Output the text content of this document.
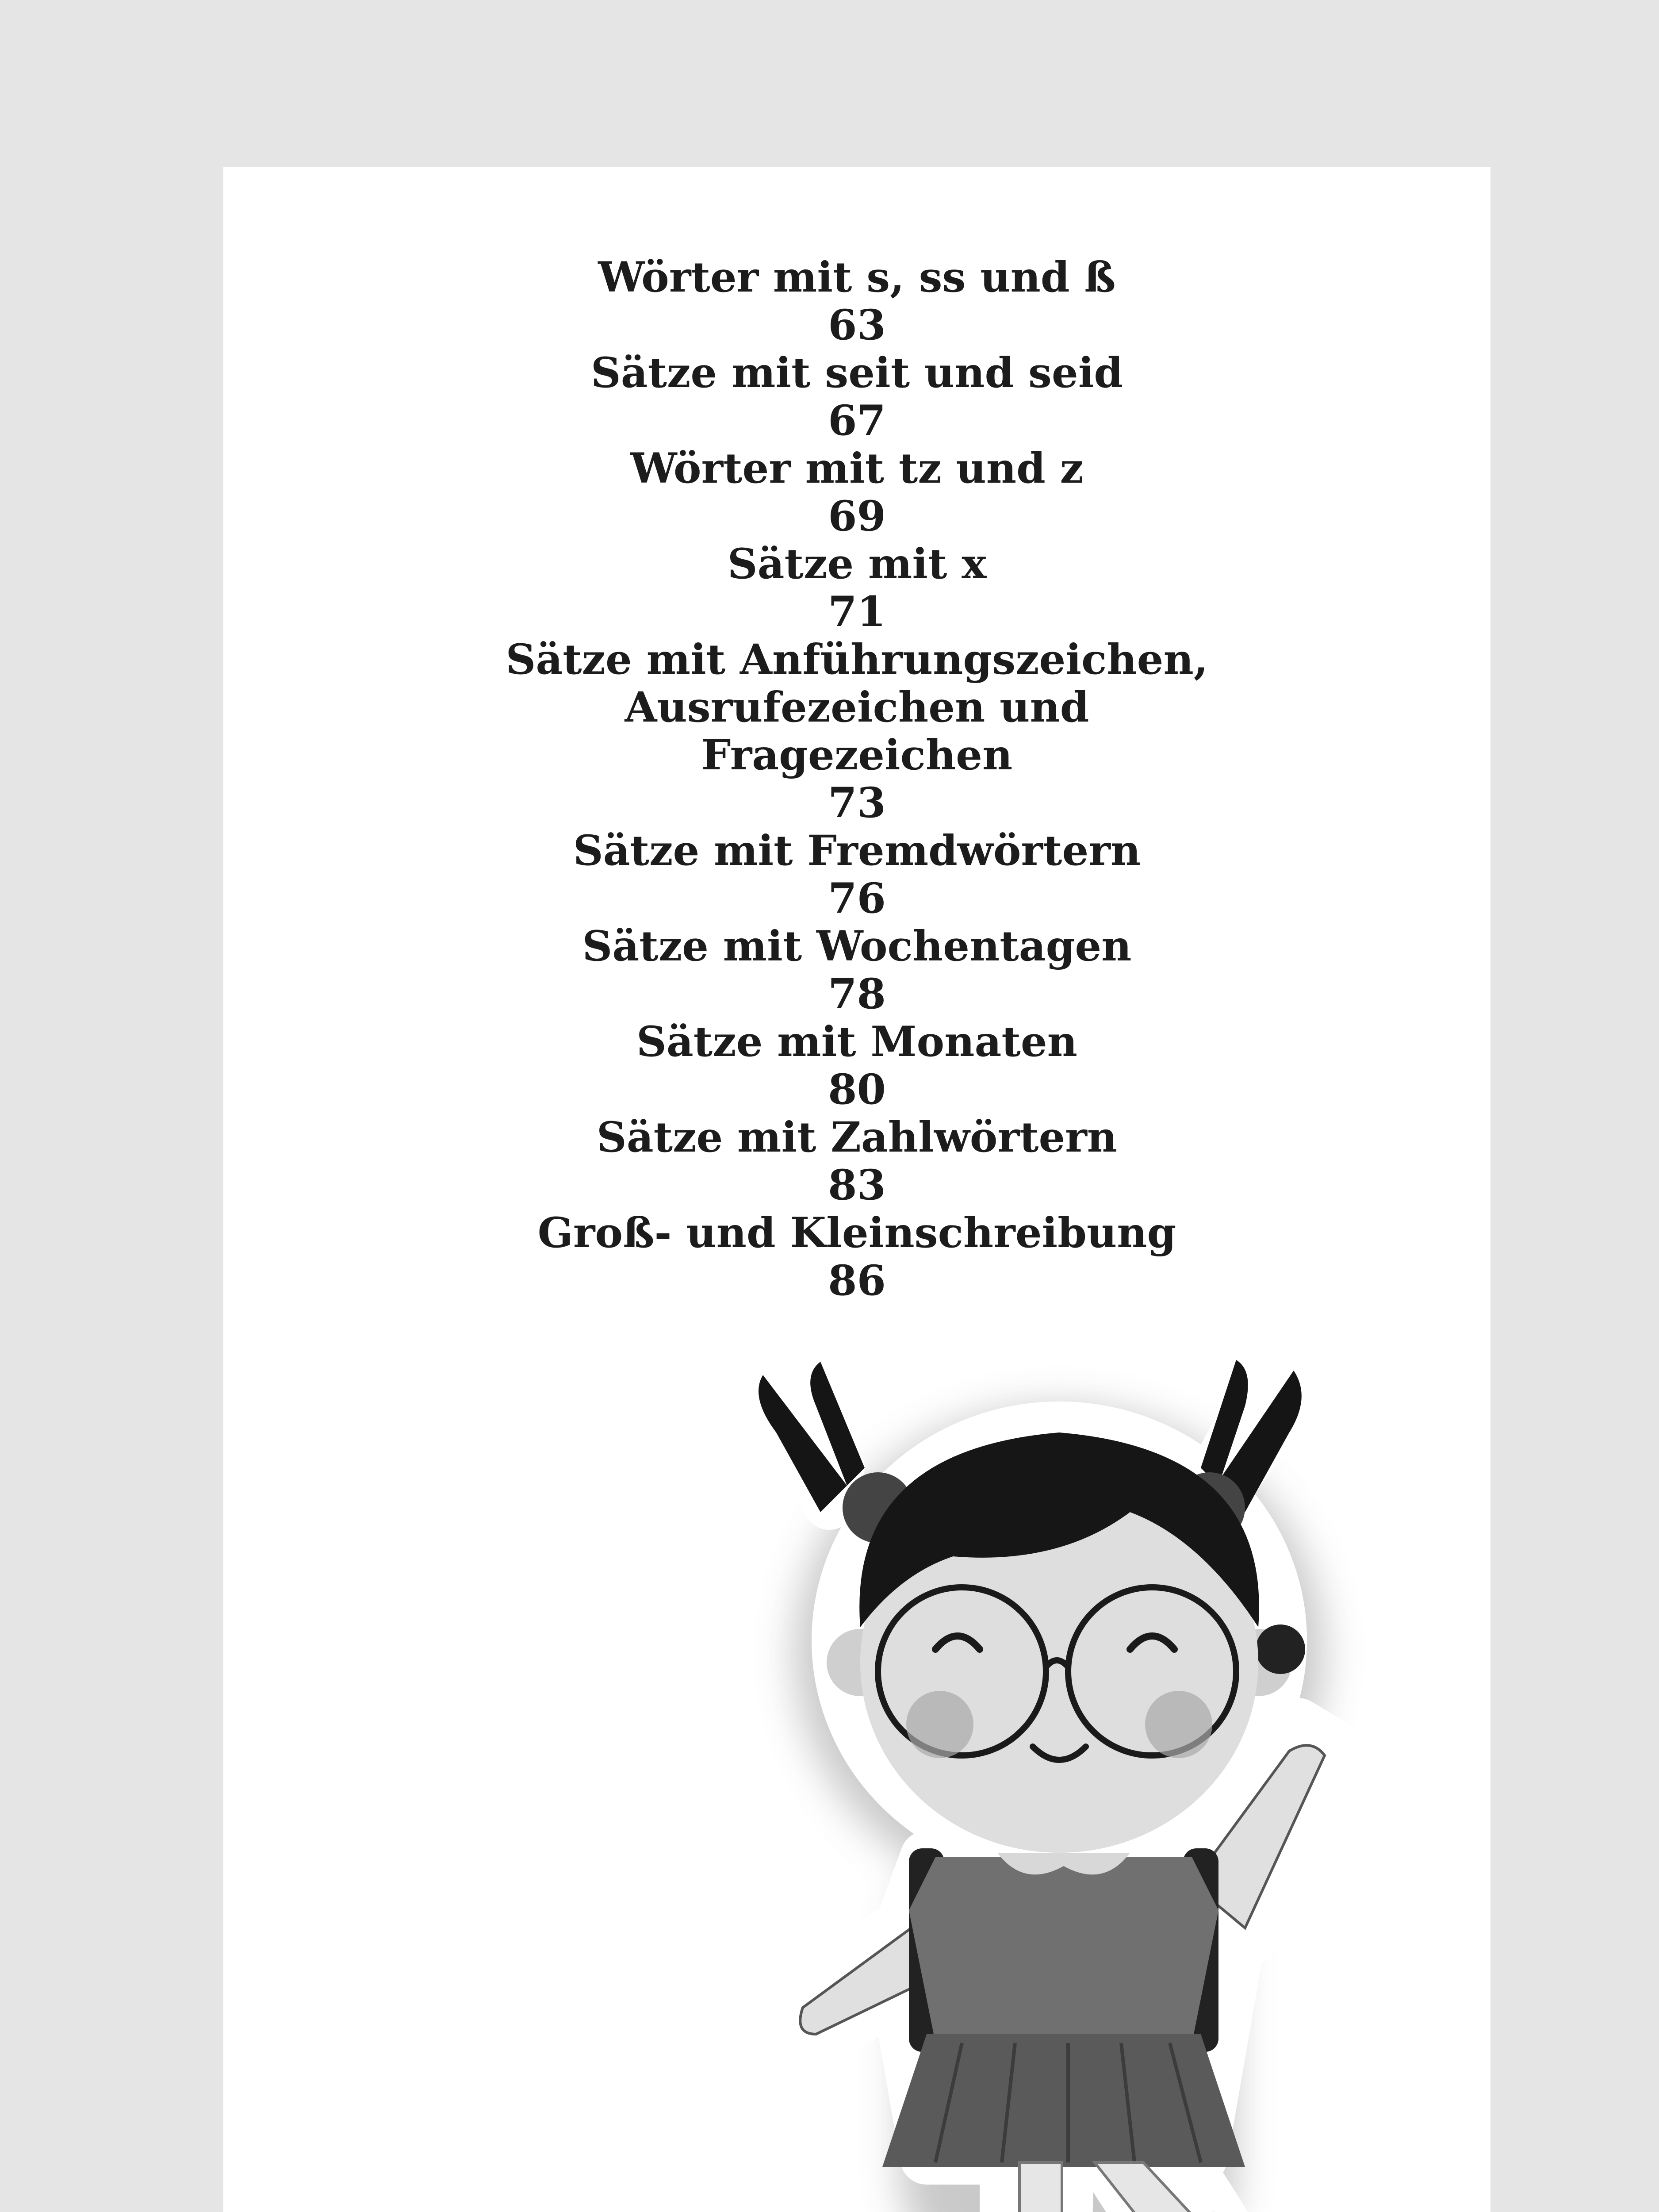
Wörter mit s, ss und ß
63
Sätze mit seit und seid
67
Wörter mit tz und z
69
Sätze mit x
71
Sätze mit Anführungszeichen,
Ausrufezeichen und
Fragezeichen
73
Sätze mit Fremdwörtern
76
Sätze mit Wochentagen
78
Sätze mit Monaten
80
Sätze mit Zahlwörtern
83
Groß- und Kleinschreibung
86
